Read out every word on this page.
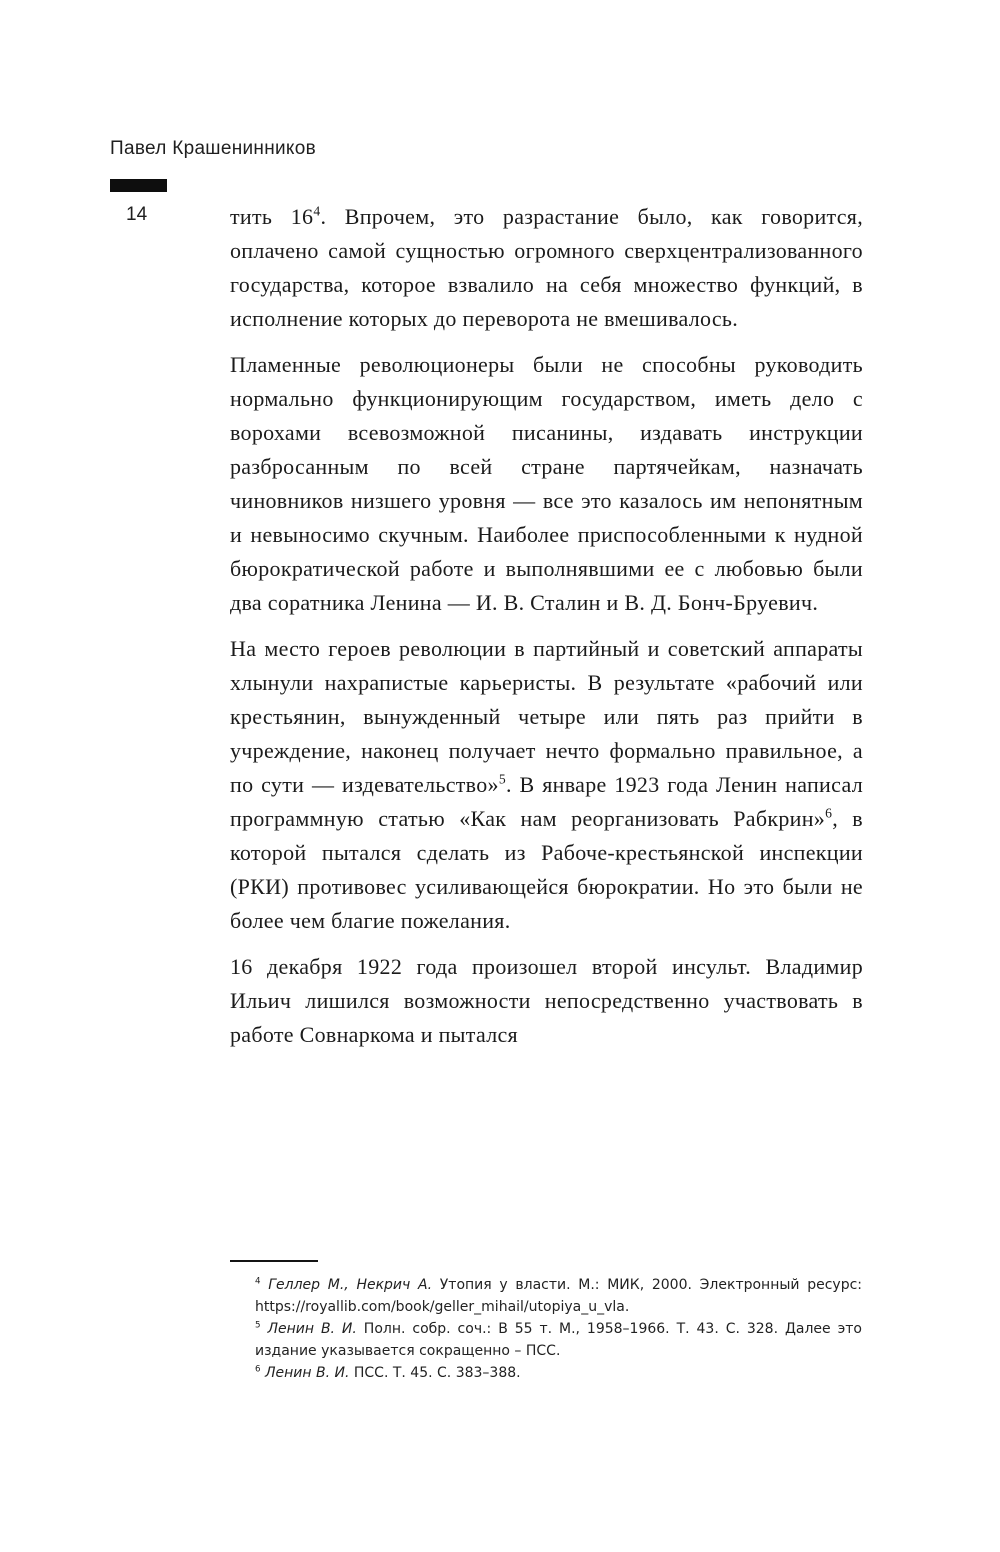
Павел Крашенинников
14	тить $16^4$. Впрочем, это разрастание было, как говорится, оплачено самой сущностью огромного сверхцентрализованного государства, которое взвалило на себя множество функций, в исполнение которых до переворота не вмешивалось.

Пламенные революционеры были не способны руководить нормально функционирующим государством, иметь дело с ворохами всевозможной писанины, издавать инструкции разбросанным по всей стране партячейкам, назначать чиновников низшего уровня — все это казалось им непонятным и невыносимо скучным. Наиболее приспособленными к нудной бюрократической работе и выполнявшими ее с любовью были два соратника Ленина — И. В. Сталин и В. Д. Бонч-Бруевич.

На место героев революции в партийный и советский аппараты хлынули нахрапистые карьеристы. В результате «рабочий или крестьянин, вынужденный четыре или пять раз прийти в учреждение, наконец получает нечто формально правильное, а по сути — издевательство»$^5$. В январе 1923 года Ленин написал программную статью «Как нам реорганизовать Рабкрин»$^6$, в которой пытался сделать из Рабоче-крестьянской инспекции (РКИ) противовес усиливающейся бюрократии. Но это были не более чем благие пожелания.

16 декабря 1922 года произошел второй инсульт. Владимир Ильич лишился возможности непосредственно участвовать в работе Совнаркома и пытался

$^4$ Геллер М., Некрич А. Утопия у власти. М.: МИК, 2000. Электронный ресурс: https://royallib.com/book/geller_mihail/utopiya_u_vla.

$^5$ Ленин В. И. Полн. собр. соч.: В 55 т. М., 1958–1966. Т. 43. С. 328. Далее это издание указывается сокращенно – ПСС.

$^6$ Ленин В. И. ПСС. Т. 45. С. 383–388.
